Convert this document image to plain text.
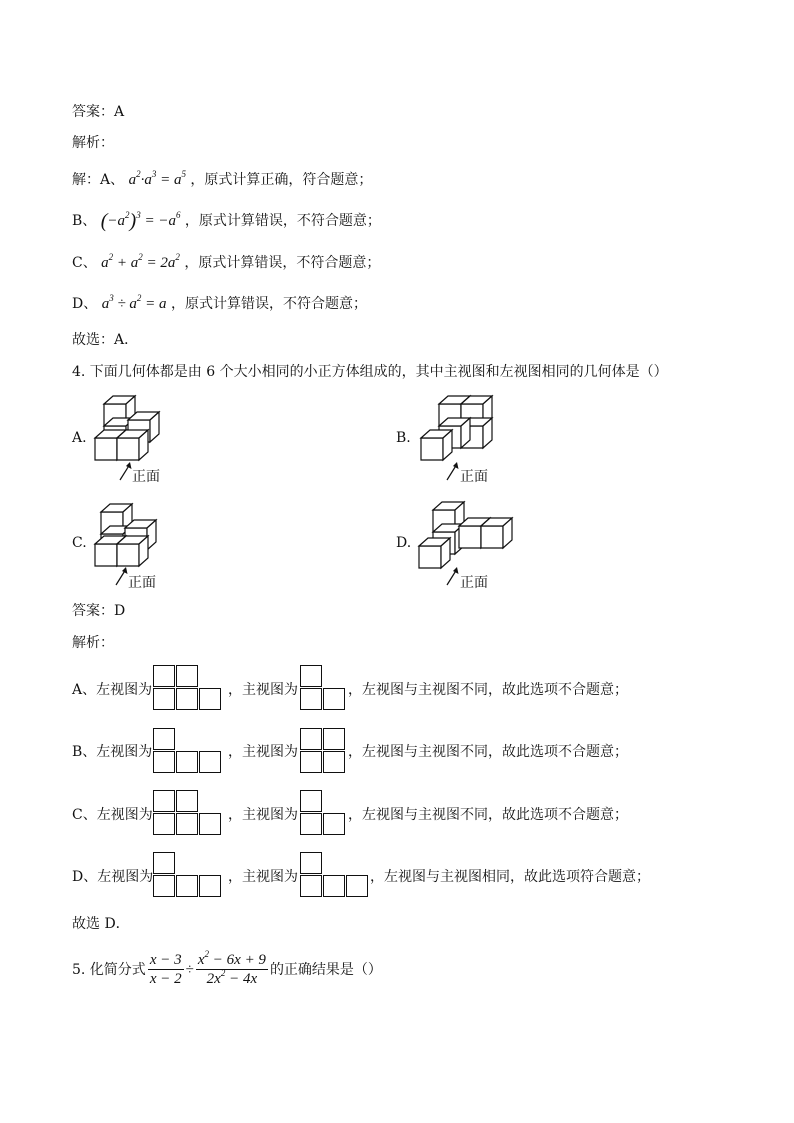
答案：A
解析：
解：A、 $a^2\cdot a^3 = a^5$ ，原式计算正确，符合题意；
B、 $(-a^2)^3 = -a^6$ ，原式计算错误，不符合题意；
C、 $a^2 + a^2 = 2a^2$ ，原式计算错误，不符合题意；
D、 $a^3 \div a^2 = a$ ，原式计算错误，不符合题意；
故选：A．
4. 下面几何体都是由 6 个大小相同的小正方体组成的，其中主视图和左视图相同的几何体是（）
A.	B.
C.	D.
正面	正面
正面	正面
答案：D
解析：
A、左视图为	，主视图为	，左视图与主视图不同，故此选项不合题意；
B、左视图为	，主视图为	，左视图与主视图不同，故此选项不合题意；
C、左视图为	，主视图为	，左视图与主视图不同，故此选项不合题意；
D、左视图为	，主视图为	，左视图与主视图相同，故此选项符合题意；
故选 D．
5. 化简分式 $\frac{x - 3}{x - 2} \div \frac{x^2 - 6x + 9}{2x^2 - 4x}$ 的正确结果是（）
